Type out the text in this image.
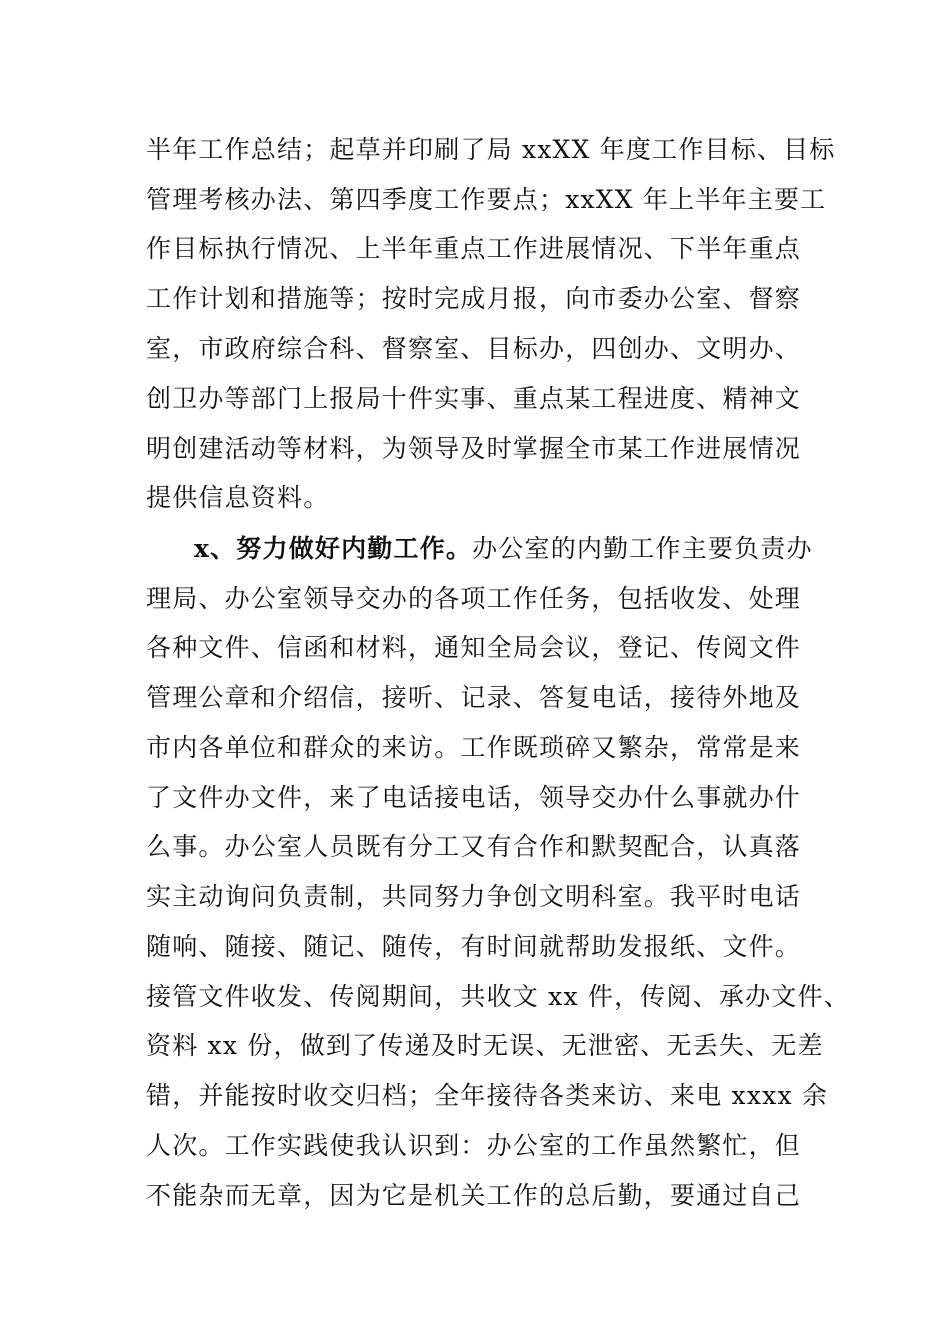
半年工作总结；起草并印刷了局 xxXX 年度工作目标、目标
管理考核办法、第四季度工作要点；xxXX 年上半年主要工
作目标执行情况、上半年重点工作进展情况、下半年重点
工作计划和措施等；按时完成月报，向市委办公室、督察
室，市政府综合科、督察室、目标办，四创办、文明办、
创卫办等部门上报局十件实事、重点某工程进度、精神文
明创建活动等材料，为领导及时掌握全市某工作进展情况
提供信息资料。
x、努力做好内勤工作。办公室的内勤工作主要负责办
理局、办公室领导交办的各项工作任务，包括收发、处理
各种文件、信函和材料，通知全局会议，登记、传阅文件
管理公章和介绍信，接听、记录、答复电话，接待外地及
市内各单位和群众的来访。工作既琐碎又繁杂，常常是来
了文件办文件，来了电话接电话，领导交办什么事就办什
么事。办公室人员既有分工又有合作和默契配合，认真落
实主动询问负责制，共同努力争创文明科室。我平时电话
随响、随接、随记、随传，有时间就帮助发报纸、文件。
接管文件收发、传阅期间，共收文 xx 件，传阅、承办文件、
资料 xx 份，做到了传递及时无误、无泄密、无丢失、无差
错，并能按时收交归档；全年接待各类来访、来电 xxxx 余
人次。工作实践使我认识到：办公室的工作虽然繁忙，但
不能杂而无章，因为它是机关工作的总后勤，要通过自己
